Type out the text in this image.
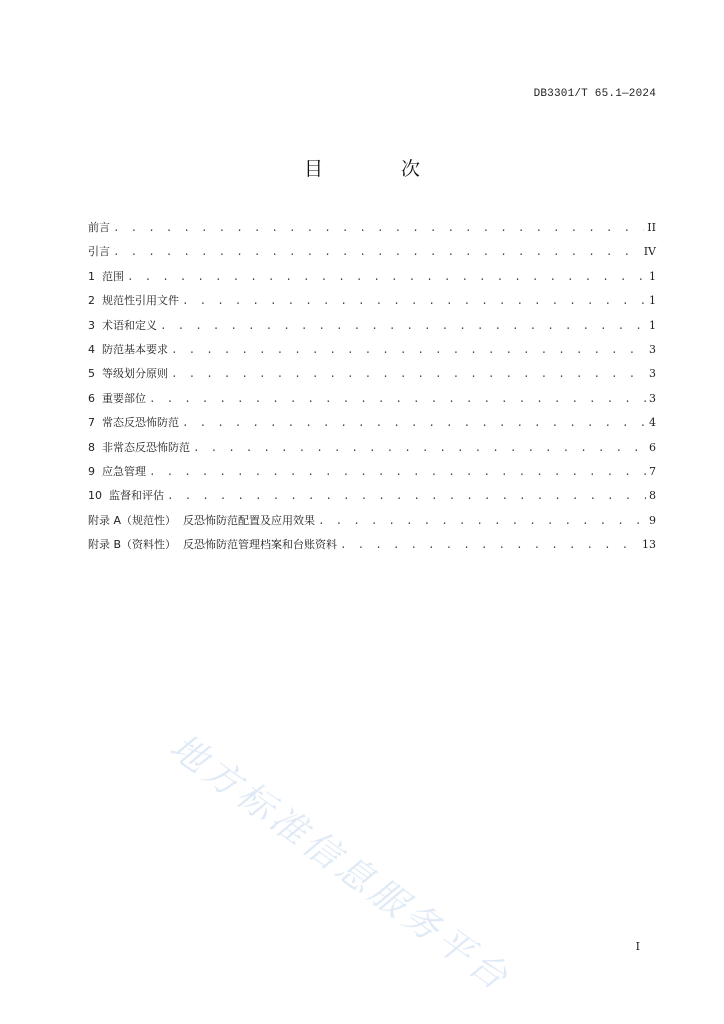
DB3301/T 65.1—2024
目 次
前言 . . .	II
引言 . . .	IV
1  范围 . . .	1
2  规范性引用文件 . . .	1
3  术语和定义 . . .	1
4  防范基本要求 . . .	3
5  等级划分原则 . . .	3
6  重要部位 . . .	3
7  常态反恐怖防范 . . .	4
8  非常态反恐怖防范 . . .	6
9  应急管理 . . .	7
10  监督和评估 . . .	8
附录 A（规范性）  反恐怖防范配置及应用效果 . . .	9
附录 B（资料性）  反恐怖防范管理档案和台账资料 . . .	13
地方标准信息服务平台	I
